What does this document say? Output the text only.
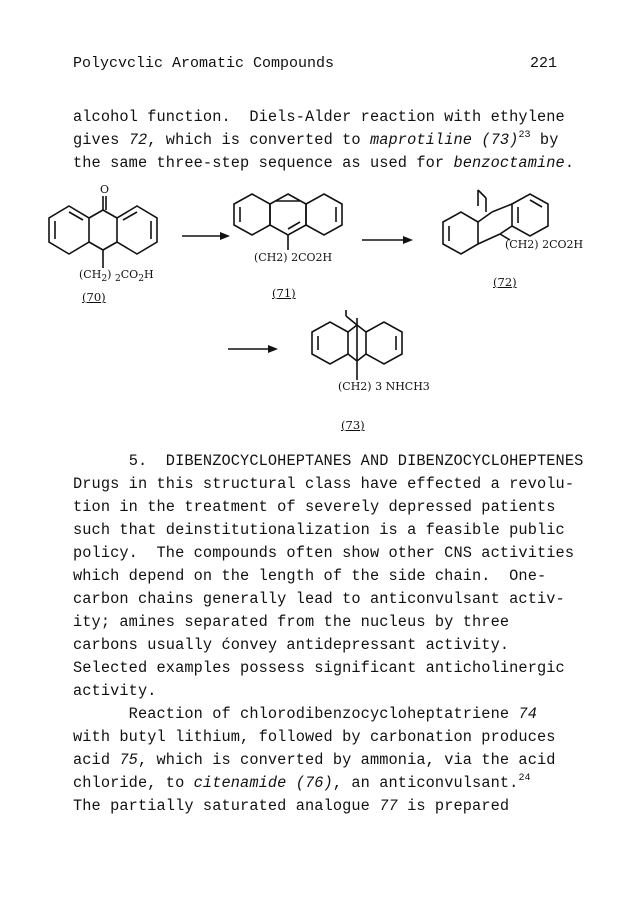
Polycvclic Aromatic Compounds	221
alcohol function.  Diels-Alder reaction with ethylene
gives 72, which is converted to maprotiline $(73)^{23}$ by
the same three-step sequence as used for benzoctamine.
O
$(CH_2)$ $_2CO_2H$
(70)
(CH2) 2CO2H
(71)
(CH2) 2CO2H
(72)
(CH2) 3 NHCH3
(73)
5.  DIBENZOCYCLOHEPTANES AND DIBENZOCYCLOHEPTENES
Drugs in this structural class have effected a revolu-
tion in the treatment of severely depressed patients
such that deinstitutionalization is a feasible public
policy.  The compounds often show other CNS activities
which depend on the length of the side chain.  One-
carbon chains generally lead to anticonvulsant activ-
ity; amines separated from the nucleus by three
carbons usually ćonvey antidepressant activity.
Selected examples possess significant anticholinergic
activity.
Reaction of chlorodibenzocycloheptatriene 74
with butyl lithium, followed by carbonation produces
acid 75, which is converted by ammonia, via the acid
chloride, to citenamide (76), an anticonvulsant.$^{24}$
The partially saturated analogue 77 is prepared
